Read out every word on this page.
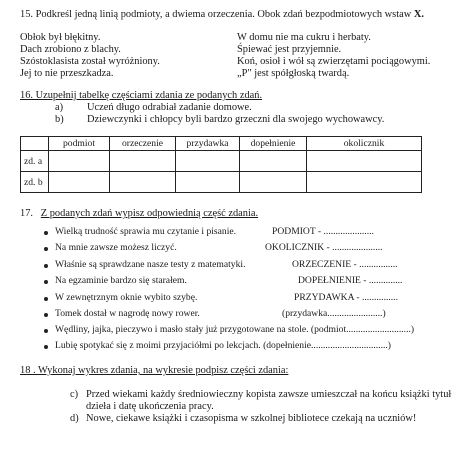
15. Podkreśl jedną linią podmioty, a dwiema orzeczenia. Obok zdań bezpodmiotowych wstaw X.
Obłok był błękitny.
Dach zrobiono z blachy.
Szóstoklasista został wyróżniony.
Jej to nie przeszkadza.
W domu nie ma cukru i herbaty.
Śpiewać jest przyjemnie.
Koń, osioł i wół są zwierzętami pociągowymi.
„P" jest spółgłoską twardą.
16. Uzupełnij tabelkę częściami zdania ze podanych zdań.
a) Uczeń długo odrabiał zadanie domowe.
b) Dziewczynki i chłopcy byli bardzo grzeczni dla swojego wychowawcy.
	podmiot	orzeczenie	przydawka	dopełnienie	okolicznik
zd. a					
zd. b					
17. Z podanych zdań wypisz odpowiednią część zdania.
Wielką trudność sprawia mu czytanie i pisanie.	PODMIOT - .....................
Na mnie zawsze możesz liczyć.	OKOLICZNIK - .....................
Właśnie są sprawdzane nasze testy z matematyki.	ORZECZENIE - ................
Na egzaminie bardzo się starałem.	DOPEŁNIENIE - ..............
W zewnętrznym oknie wybito szybę.	PRZYDAWKA - ...............
Tomek dostał w nagrodę nowy rower.	(przydawka.......................)
Wędliny, jajka, pieczywo i masło stały już przygotowane na stole. (podmiot...........................)
Lubię spotykać się z moimi przyjaciółmi po lekcjach. (dopełnienie................................)
18 . Wykonaj wykres zdania, na wykresie podpisz części zdania:
c) Przed wiekami każdy średniowieczny kopista zawsze umieszczał na końcu książki tytuł
dzieła i datę ukończenia pracy.
d) Nowe, ciekawe książki i czasopisma w szkolnej bibliotece czekają na uczniów!
